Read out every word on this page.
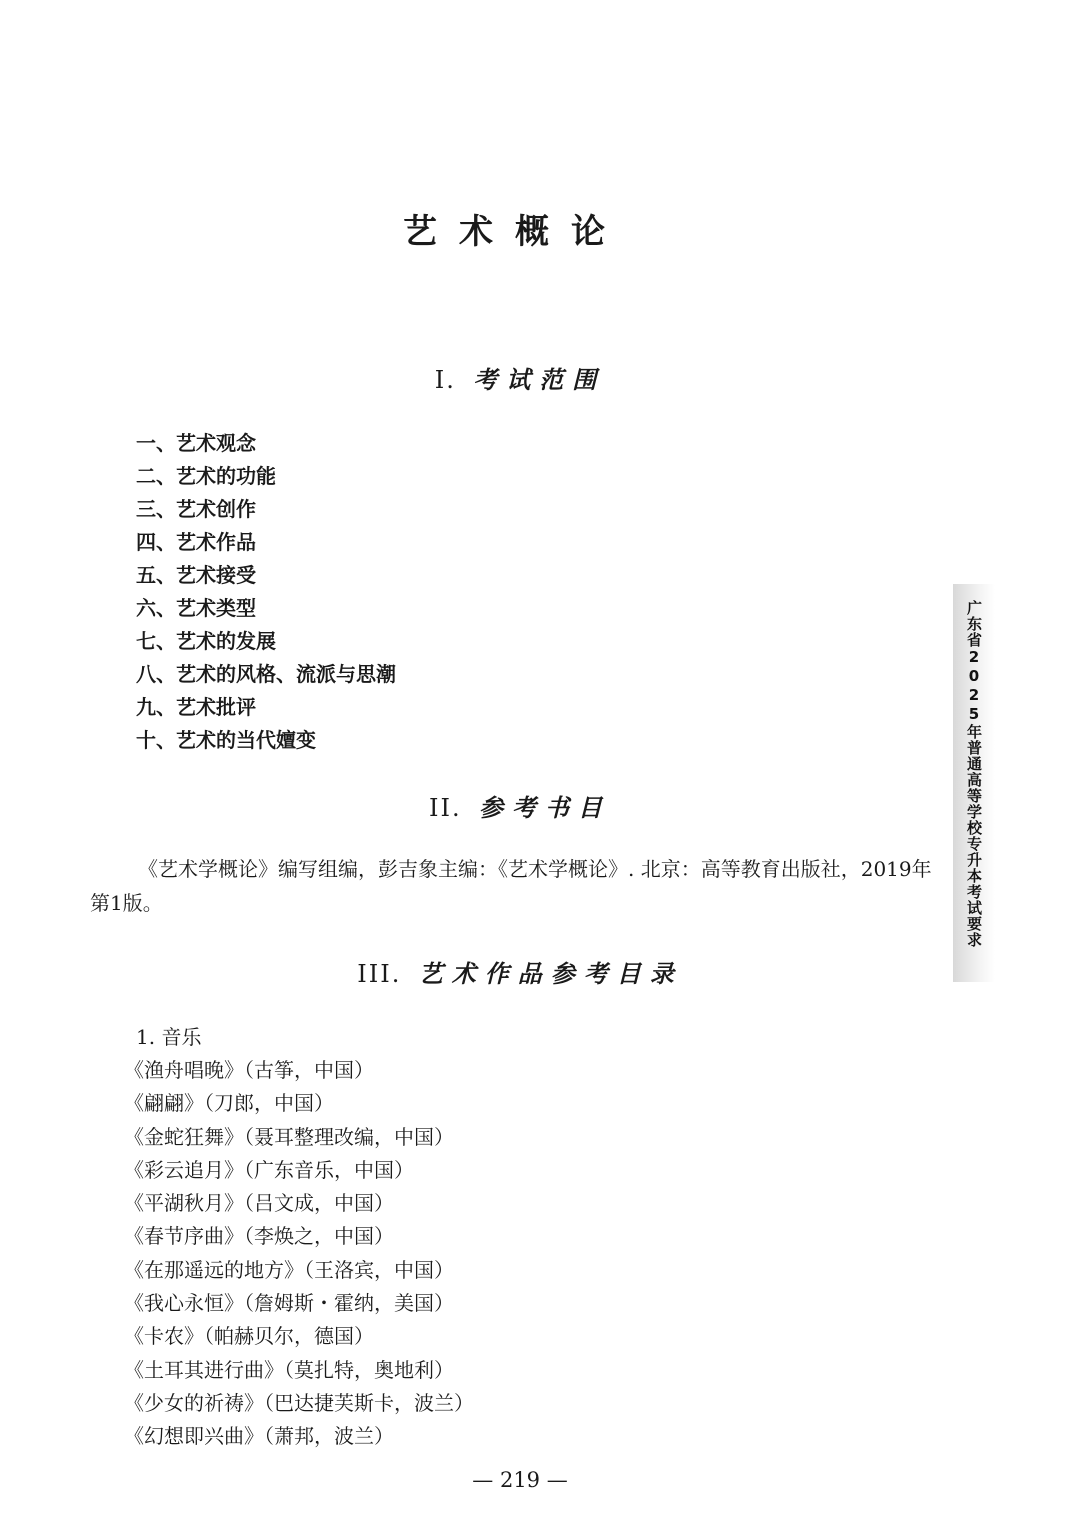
艺术概论
I. 考试范围
一、艺术观念
二、艺术的功能
三、艺术创作
四、艺术作品
五、艺术接受
六、艺术类型
七、艺术的发展
八、艺术的风格、流派与思潮
九、艺术批评
十、艺术的当代嬗变
II. 参考书目

《艺术学概论》编写组编，彭吉象主编：《艺术学概论》. 北京：高等教育出版社，2019年第1版。

III. 艺术作品参考目录
1. 音乐
《渔舟唱晚》（古筝，中国）
《翩翩》（刀郎，中国）
《金蛇狂舞》（聂耳整理改编，中国）
《彩云追月》（广东音乐，中国）
《平湖秋月》（吕文成，中国）
《春节序曲》（李焕之，中国）
《在那遥远的地方》（王洛宾，中国）
《我心永恒》（詹姆斯・霍纳，美国）
《卡农》（帕赫贝尔，德国）
《土耳其进行曲》（莫扎特，奥地利）
《少女的祈祷》（巴达捷芙斯卡，波兰）
《幻想即兴曲》（萧邦，波兰）
— 219 —
广东省2025年普通高等学校专升本考试要求
